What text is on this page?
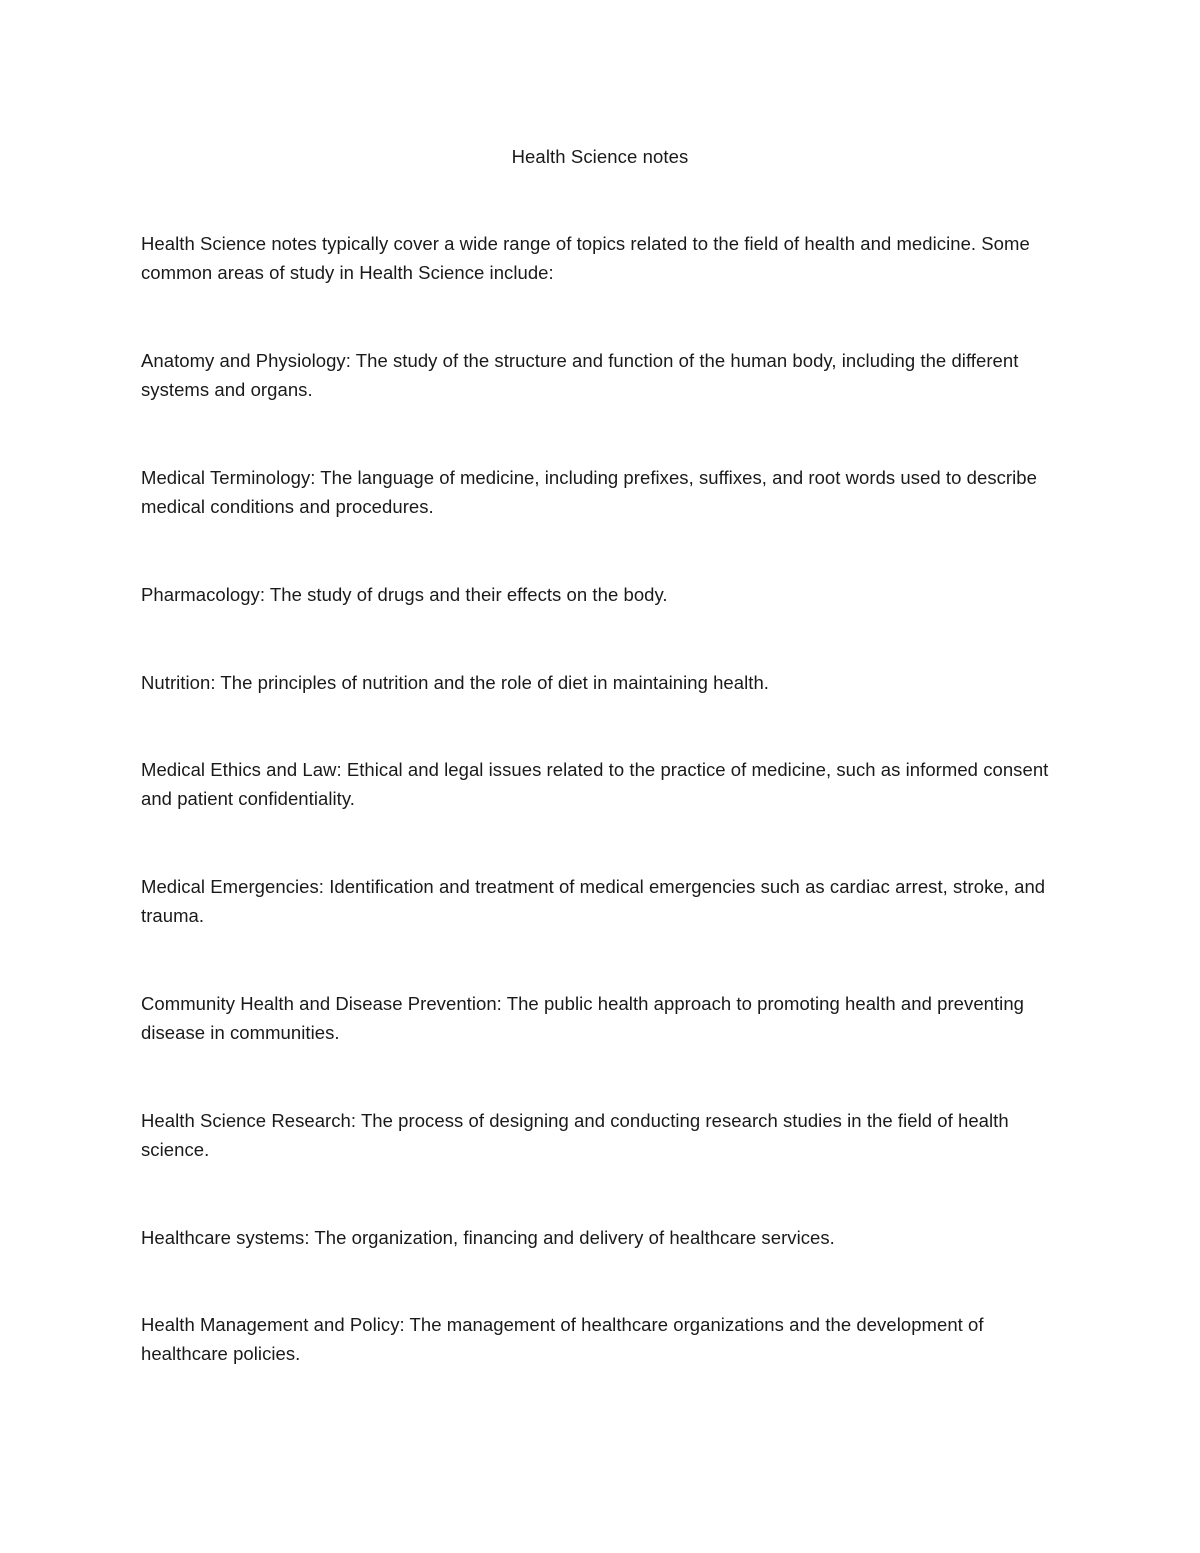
Health Science notes

Health Science notes typically cover a wide range of topics related to the field of health and medicine. Some common areas of study in Health Science include:

Anatomy and Physiology: The study of the structure and function of the human body, including the different systems and organs.

Medical Terminology: The language of medicine, including prefixes, suffixes, and root words used to describe medical conditions and procedures.

Pharmacology: The study of drugs and their effects on the body.

Nutrition: The principles of nutrition and the role of diet in maintaining health.

Medical Ethics and Law: Ethical and legal issues related to the practice of medicine, such as informed consent and patient confidentiality.

Medical Emergencies: Identification and treatment of medical emergencies such as cardiac arrest, stroke, and trauma.

Community Health and Disease Prevention: The public health approach to promoting health and preventing disease in communities.

Health Science Research: The process of designing and conducting research studies in the field of health science.

Healthcare systems: The organization, financing and delivery of healthcare services.

Health Management and Policy: The management of healthcare organizations and the development of healthcare policies.
